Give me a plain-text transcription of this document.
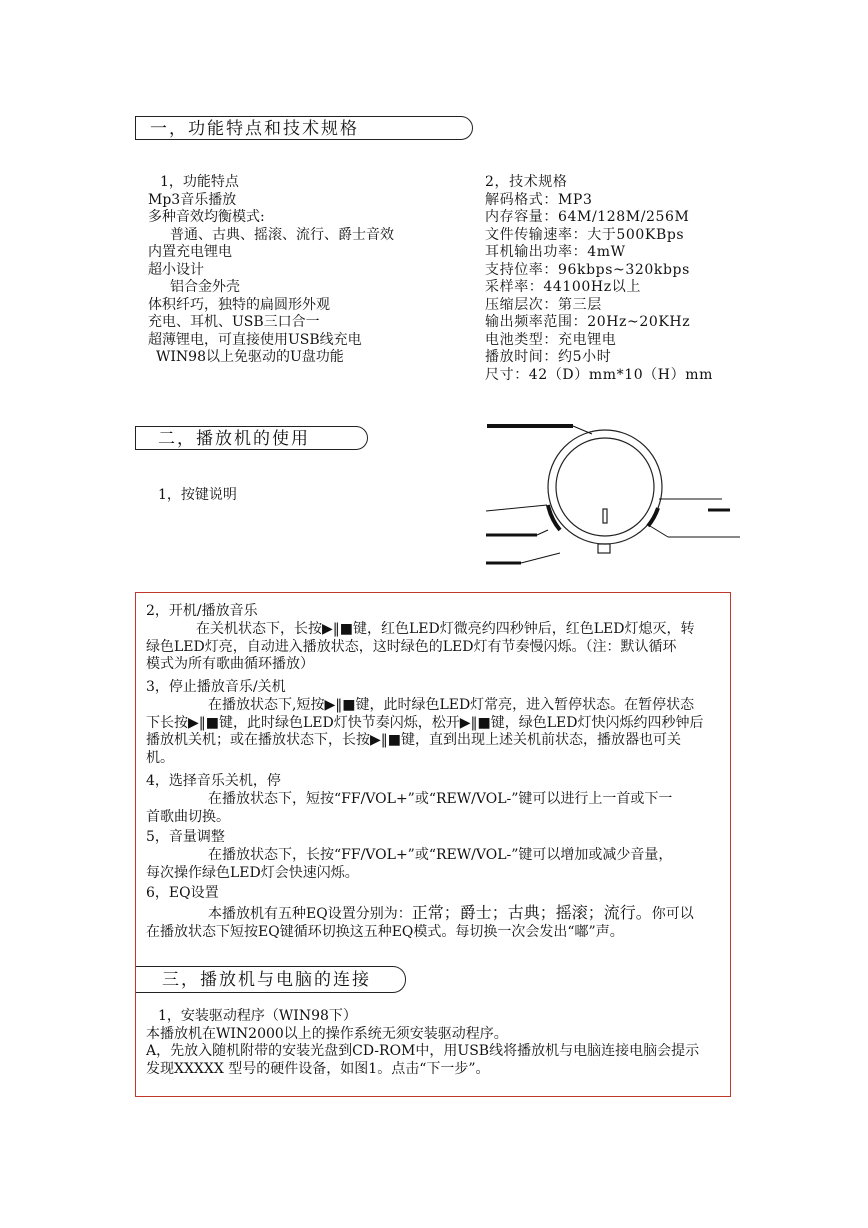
一，功能特点和技术规格
1，功能特点
Mp3音乐播放
多种音效均衡模式:
普通、古典、摇滚、流行、爵士音效
内置充电锂电
超小设计
铝合金外壳
体积纤巧，独特的扁圆形外观
充电、耳机、USB三口合一
超薄锂电，可直接使用USB线充电
WIN98以上免驱动的U盘功能
2，技术规格
解码格式：MP3
内存容量：64M/128M/256M
文件传输速率：大于500KBps
耳机输出功率：4mW
支持位率：96kbps~320kbps
采样率：44100Hz以上
压缩层次：第三层
输出频率范围：20Hz~20KHz
电池类型：充电锂电
播放时间：约5小时
尺寸：42（D）mm*10（H）mm
二，播放机的使用
1，按键说明
2，开机/播放音乐
在关机状态下，长按▶‖■键，红色LED灯微亮约四秒钟后，红色LED灯熄灭，转
绿色LED灯亮，自动进入播放状态，这时绿色的LED灯有节奏慢闪烁。（注：默认循环
模式为所有歌曲循环播放）
3，停止播放音乐/关机
在播放状态下,短按▶‖■键，此时绿色LED灯常亮，进入暂停状态。在暂停状态
下长按▶‖■键，此时绿色LED灯快节奏闪烁，松开▶‖■键，绿色LED灯快闪烁约四秒钟后
播放机关机；或在播放状态下，长按▶‖■键，直到出现上述关机前状态，播放器也可关
机。
4，选择音乐关机，停
在播放状态下，短按“FF/VOL+”或“REW/VOL-”键可以进行上一首或下一
首歌曲切换。
5，音量调整
在播放状态下，长按“FF/VOL+”或“REW/VOL-”键可以增加或减少音量，
每次操作绿色LED灯会快速闪烁。
6，EQ设置
本播放机有五种EQ设置分别为：正常；爵士；古典；摇滚；流行。你可以
在播放状态下短按EQ键循环切换这五种EQ模式。每切换一次会发出“嘟”声。
三，播放机与电脑的连接
1，安装驱动程序（WIN98下）
本播放机在WIN2000以上的操作系统无须安装驱动程序。
A，先放入随机附带的安装光盘到CD-ROM中，用USB线将播放机与电脑连接电脑会提示
发现XXXXX 型号的硬件设备，如图1。点击“下一步”。
